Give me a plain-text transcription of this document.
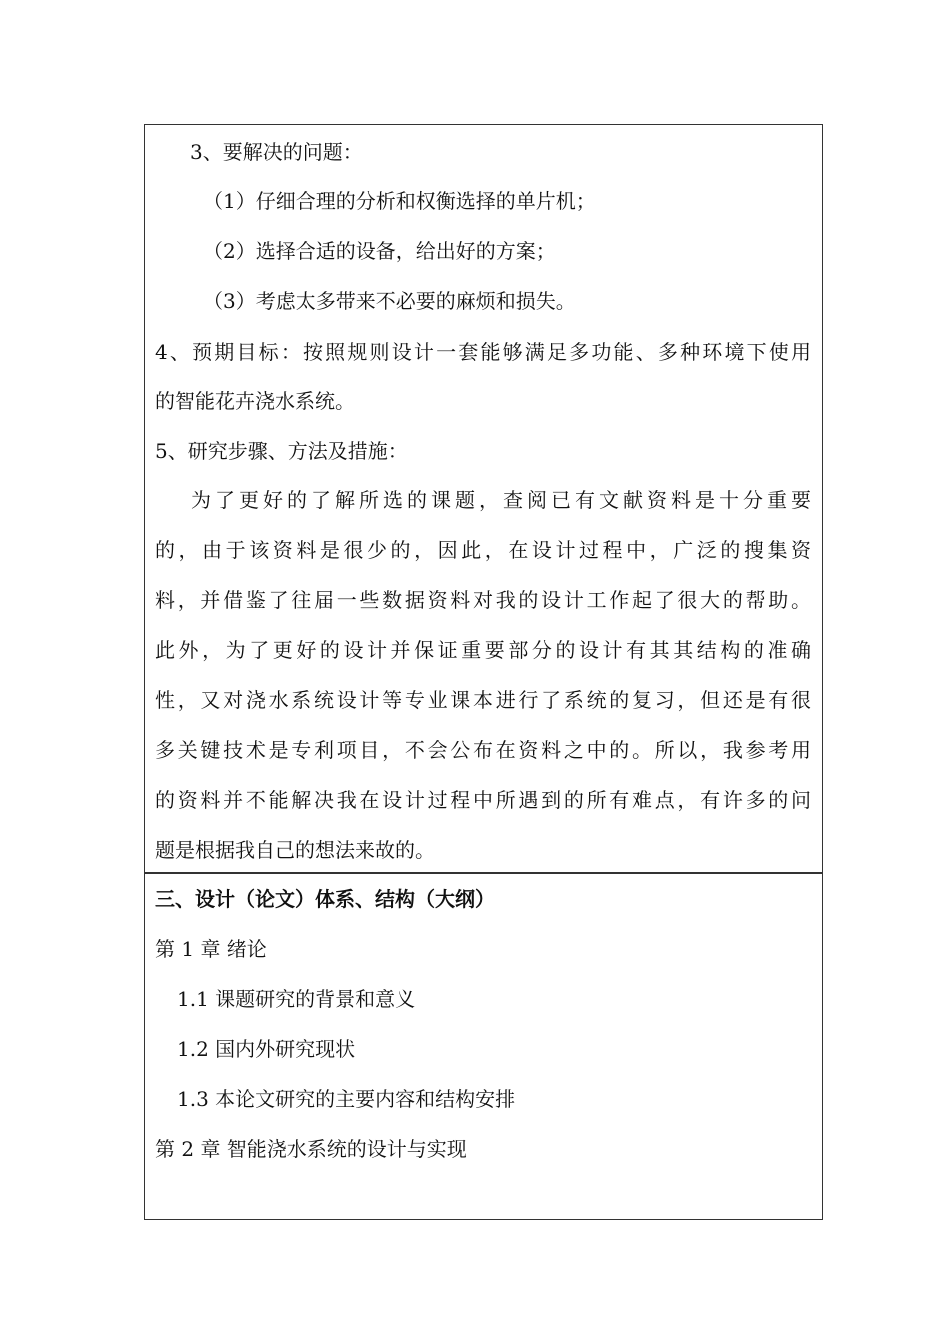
3、要解决的问题：
（1）仔细合理的分析和权衡选择的单片机；
（2）选择合适的设备，给出好的方案；
（3）考虑太多带来不必要的麻烦和损失。
4、预期目标：按照规则设计一套能够满足多功能、多种环境下使用
的智能花卉浇水系统。
5、研究步骤、方法及措施：
为了更好的了解所选的课题，查阅已有文献资料是十分重要
的，由于该资料是很少的，因此，在设计过程中，广泛的搜集资
料，并借鉴了往届一些数据资料对我的设计工作起了很大的帮助。
此外，为了更好的设计并保证重要部分的设计有其其结构的准确
性，又对浇水系统设计等专业课本进行了系统的复习，但还是有很
多关键技术是专利项目，不会公布在资料之中的。所以，我参考用
的资料并不能解决我在设计过程中所遇到的所有难点，有许多的问
题是根据我自己的想法来故的。
三、设计（论文）体系、结构（大纲）
第 1 章 绪论
1.1 课题研究的背景和意义
1.2 国内外研究现状
1.3 本论文研究的主要内容和结构安排
第 2 章 智能浇水系统的设计与实现
